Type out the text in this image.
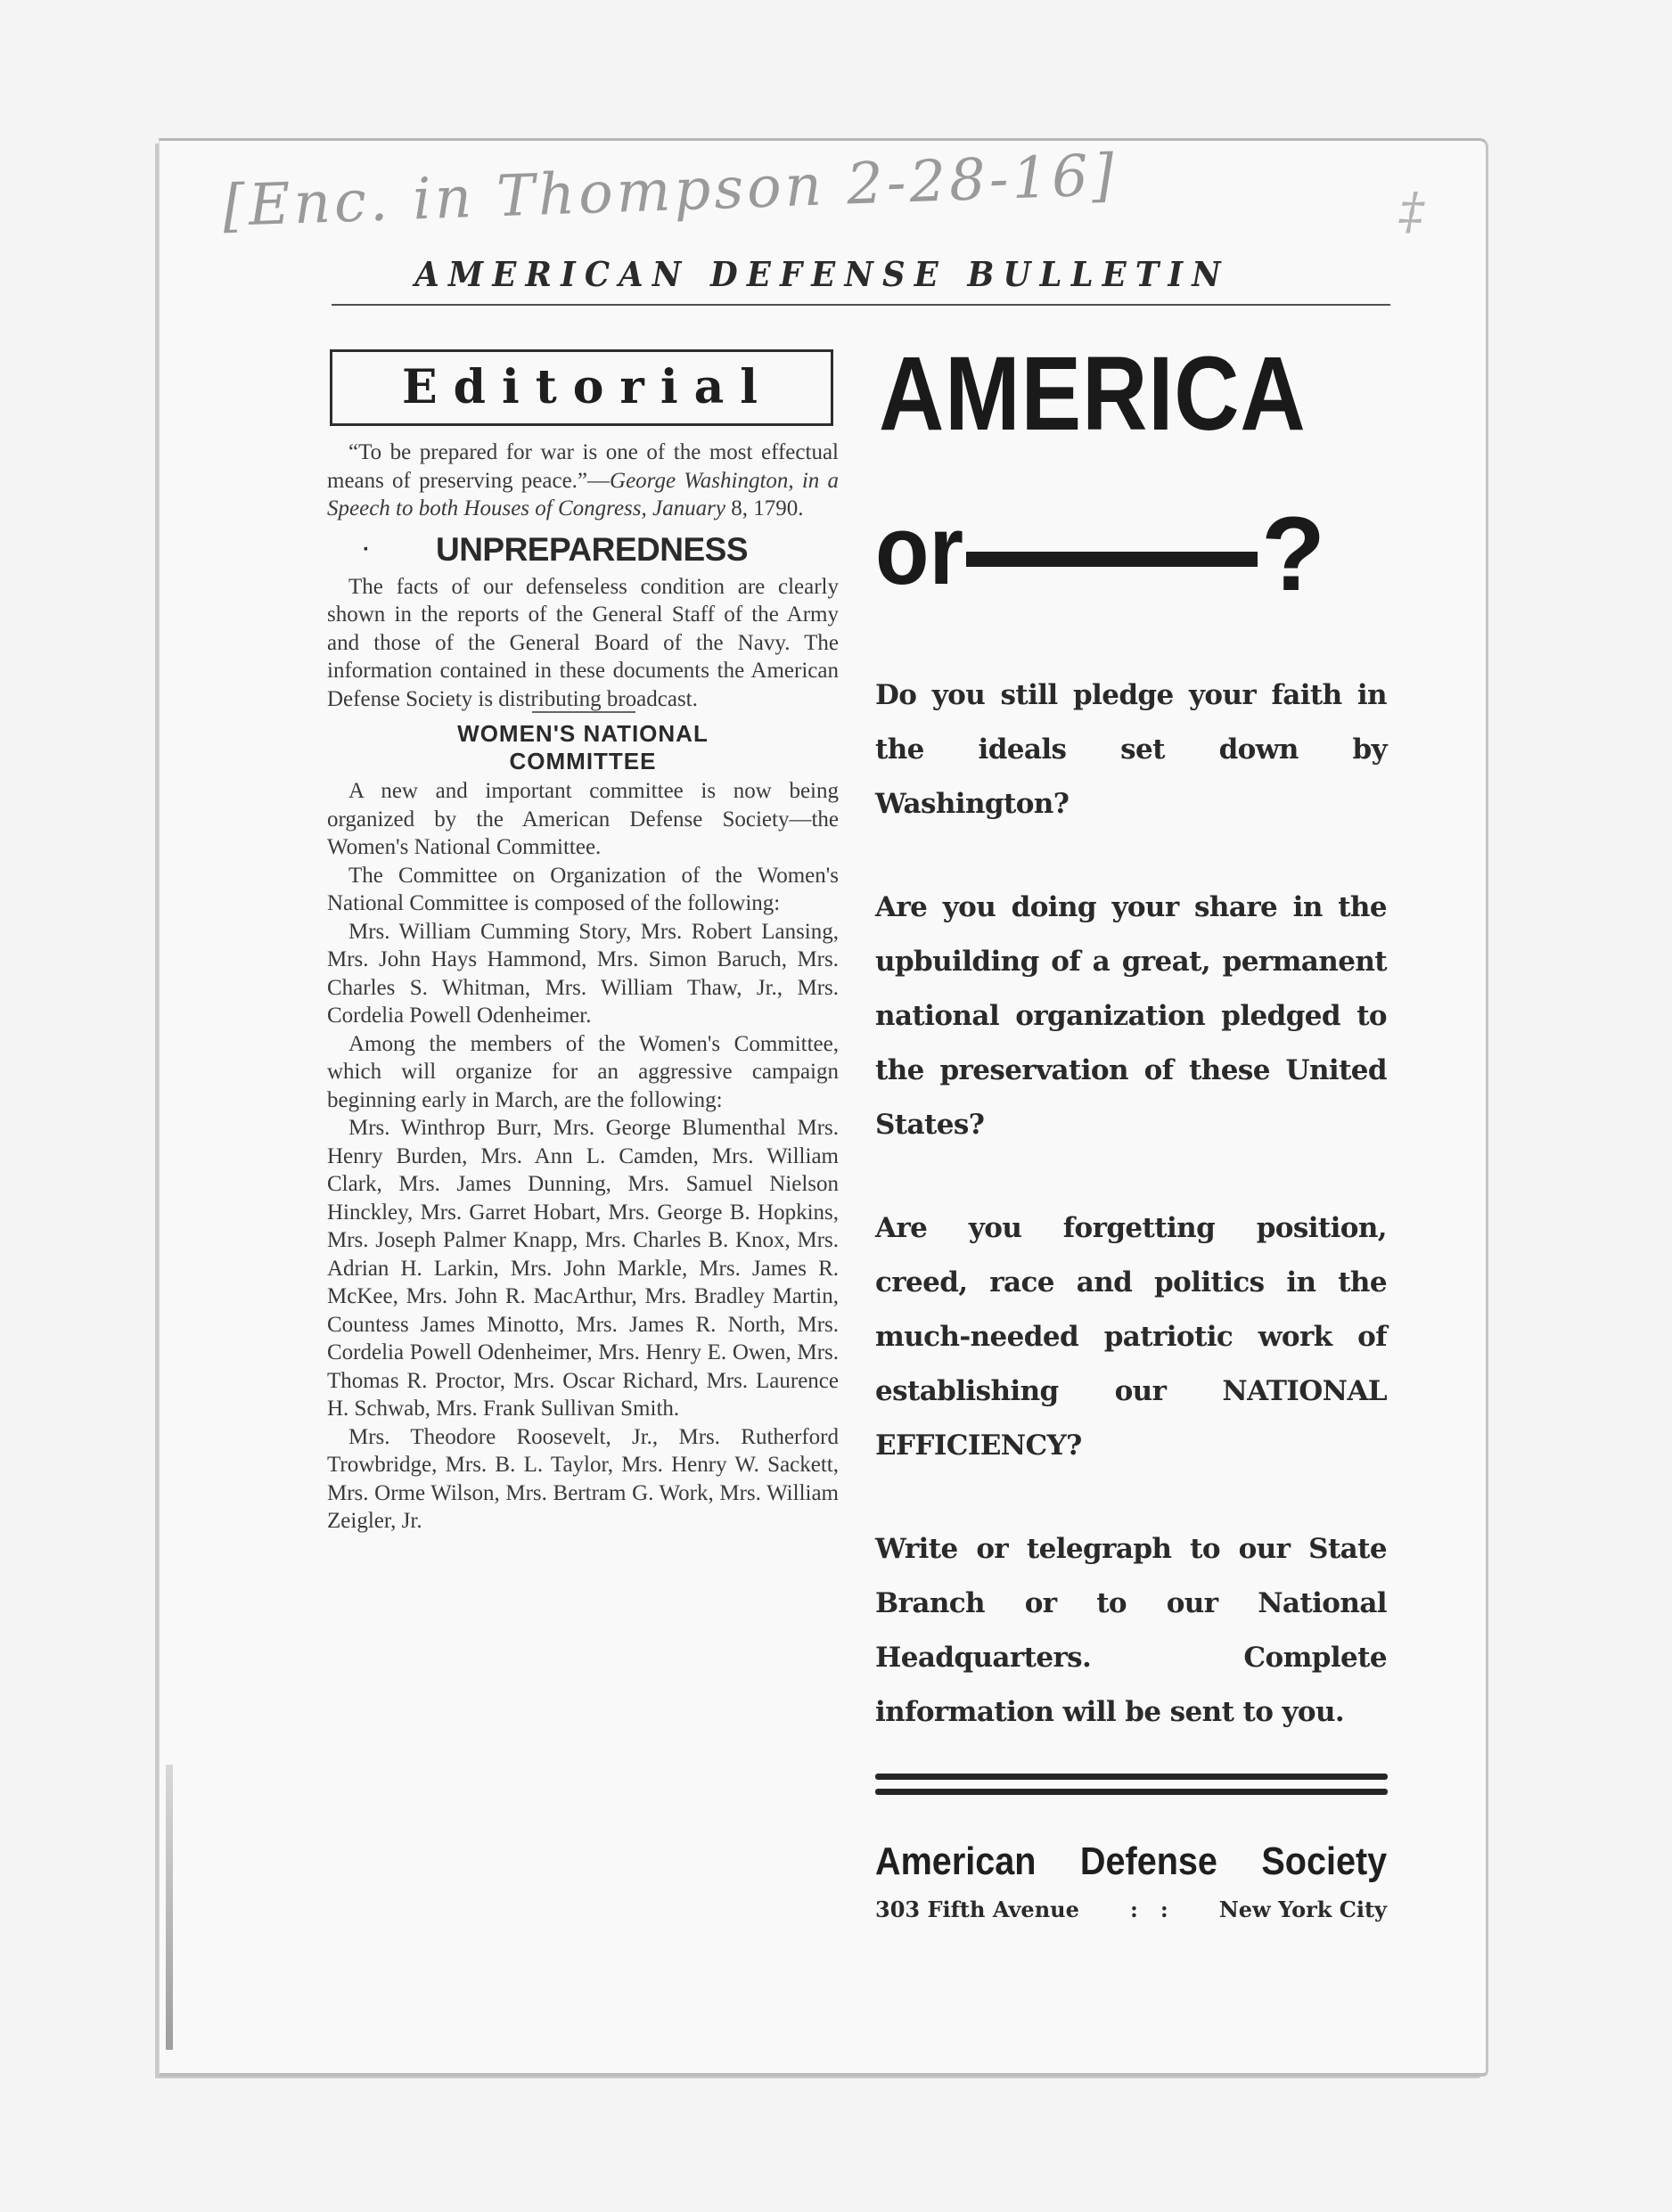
[Enc. in Thompson 2-28-16]	‡
AMERICAN DEFENSE BULLETIN
Editorial

“To be prepared for war is one of the most effectual means of preserving peace.”—George Washington, in a Speech to both Houses of Congress, January 8, 1790.

· UNPREPAREDNESS

The facts of our defenseless condition are clearly shown in the reports of the General Staff of the Army and those of the General Board of the Navy. The information contained in these documents the American Defense Society is distributing broadcast.

WOMEN'S NATIONAL
COMMITTEE

A new and important committee is now being organized by the American Defense Society—the Women's National Committee.

The Committee on Organization of the Women's National Committee is composed of the following:

Mrs. William Cumming Story, Mrs. Robert Lansing, Mrs. John Hays Hammond, Mrs. Simon Baruch, Mrs. Charles S. Whitman, Mrs. William Thaw, Jr., Mrs. Cordelia Powell Odenheimer.

Among the members of the Women's Committee, which will organize for an aggressive campaign beginning early in March, are the following:

Mrs. Winthrop Burr, Mrs. George Blumenthal Mrs. Henry Burden, Mrs. Ann L. Camden, Mrs. William Clark, Mrs. James Dunning, Mrs. Samuel Nielson Hinckley, Mrs. Garret Hobart, Mrs. George B. Hopkins, Mrs. Joseph Palmer Knapp, Mrs. Charles B. Knox, Mrs. Adrian H. Larkin, Mrs. John Markle, Mrs. James R. McKee, Mrs. John R. MacArthur, Mrs. Bradley Martin, Countess James Minotto, Mrs. James R. North, Mrs. Cordelia Powell Odenheimer, Mrs. Henry E. Owen, Mrs. Thomas R. Proctor, Mrs. Oscar Richard, Mrs. Laurence H. Schwab, Mrs. Frank Sullivan Smith.

Mrs. Theodore Roosevelt, Jr., Mrs. Rutherford Trowbridge, Mrs. B. L. Taylor, Mrs. Henry W. Sackett, Mrs. Orme Wilson, Mrs. Bertram G. Work, Mrs. William Zeigler, Jr.

AMERICA
or	?

Do you still pledge your faith in the ideals set down by Washington?

Are you doing your share in the upbuilding of a great, permanent national organization pledged to the preservation of these United States?

Are you forgetting position, creed, race and politics in the much-needed patriotic work of establishing our NATIONAL EFFICIENCY?

Write or telegraph to our State Branch or to our National Headquarters. Complete information will be sent to you.

American Defense Society
303 Fifth Avenue :   : New York City
